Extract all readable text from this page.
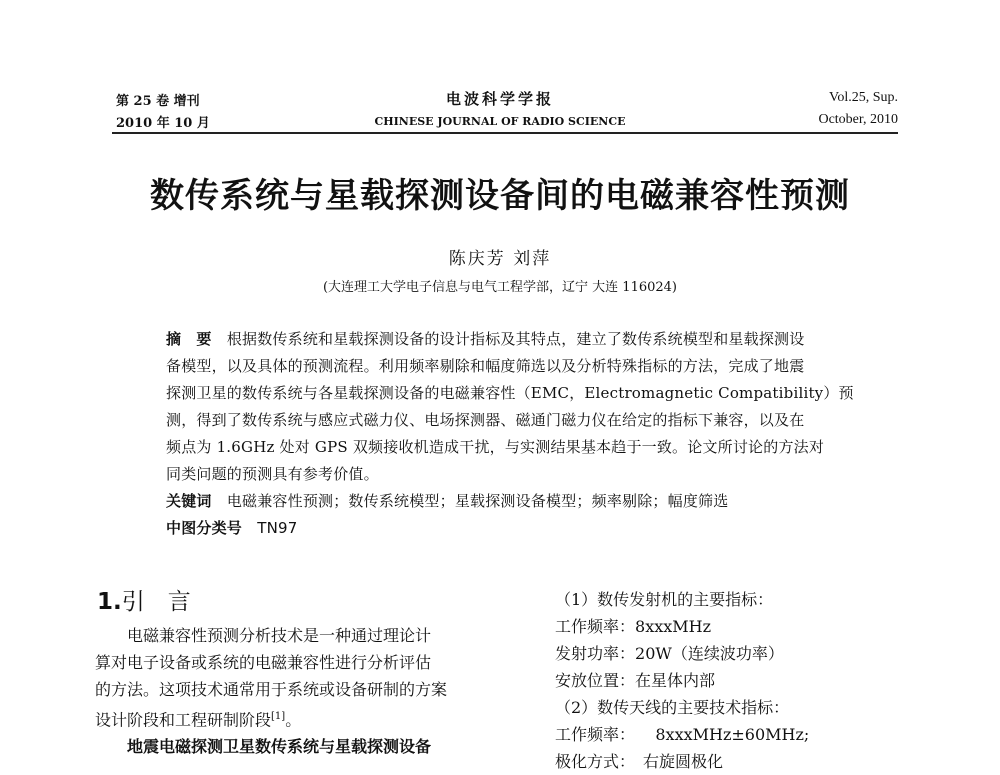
第 25 卷 增刊
2010 年 10 月
电波科学学报
CHINESE JOURNAL OF RADIO SCIENCE
Vol.25, Sup.
October, 2010
数传系统与星载探测设备间的电磁兼容性预测
陈庆芳 刘萍
(大连理工大学电子信息与电气工程学部，辽宁 大连 116024)
摘　要　 根据数传系统和星载探测设备的设计指标及其特点，建立了数传系统模型和星载探测设
备模型，以及具体的预测流程。利用频率剔除和幅度筛选以及分析特殊指标的方法，完成了地震
探测卫星的数传系统与各星载探测设备的电磁兼容性（EMC，Electromagnetic Compatibility）预
测，得到了数传系统与感应式磁力仪、电场探测器、磁通门磁力仪在给定的指标下兼容，以及在
频点为 1.6GHz 处对 GPS 双频接收机造成干扰，与实测结果基本趋于一致。论文所讨论的方法对
同类问题的预测具有参考价值。
关键词　 电磁兼容性预测；数传系统模型；星载探测设备模型；频率剔除；幅度筛选
中图分类号　 TN97
1.引　言
　　电磁兼容性预测分析技术是一种通过理论计
算对电子设备或系统的电磁兼容性进行分析评估
的方法。这项技术通常用于系统或设备研制的方案
设计阶段和工程研制阶段[1]。
　　地震电磁探测卫星数传系统与星载探测设备
（1）数传发射机的主要指标：
工作频率：8xxxMHz
发射功率：20W（连续波功率）
安放位置：在星体内部
（2）数传天线的主要技术指标：
工作频率： 8xxxMHz±60MHz;
极化方式：　右旋圆极化
